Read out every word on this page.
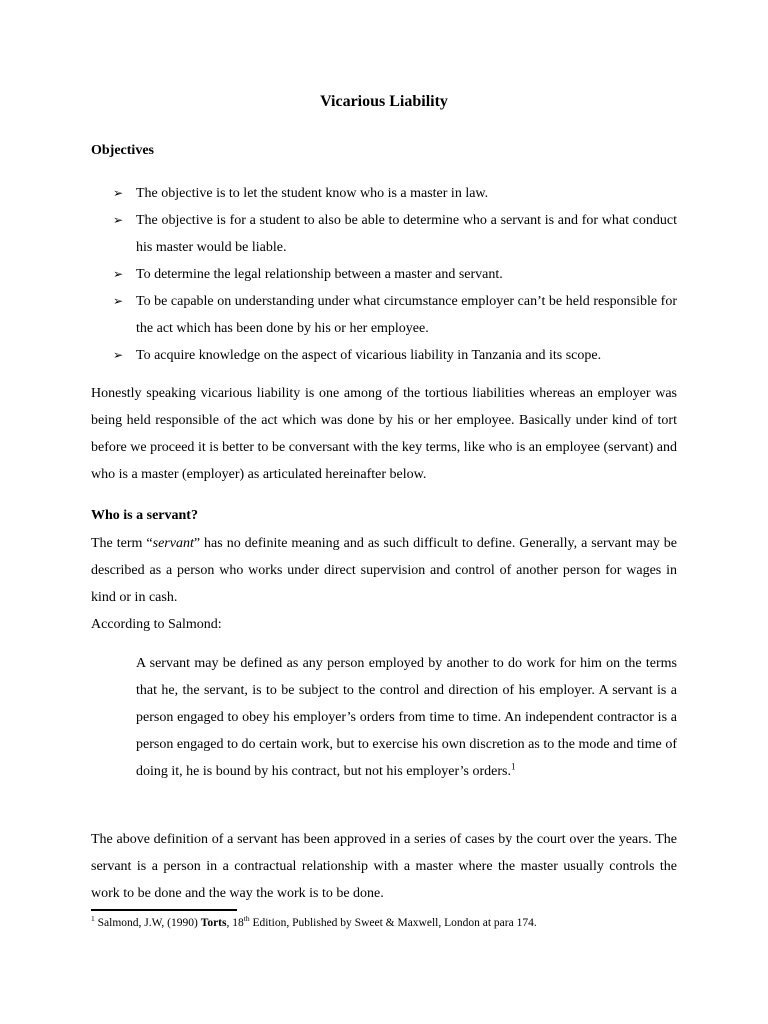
Vicarious Liability

Objectives

➢ The objective is to let the student know who is a master in law.
➢ The objective is for a student to also be able to determine who a servant is and for what conduct his master would be liable.
➢ To determine the legal relationship between a master and servant.
➢ To be capable on understanding under what circumstance employer can’t be held responsible for the act which has been done by his or her employee.
➢ To acquire knowledge on the aspect of vicarious liability in Tanzania and its scope.

Honestly speaking vicarious liability is one among of the tortious liabilities whereas an employer was being held responsible of the act which was done by his or her employee. Basically under kind of tort before we proceed it is better to be conversant with the key terms, like who is an employee (servant) and who is a master (employer) as articulated hereinafter below.

Who is a servant?

The term “servant” has no definite meaning and as such difficult to define. Generally, a servant may be described as a person who works under direct supervision and control of another person for wages in kind or in cash.

According to Salmond:

A servant may be defined as any person employed by another to do work for him on the terms that he, the servant, is to be subject to the control and direction of his employer. A servant is a person engaged to obey his employer’s orders from time to time. An independent contractor is a person engaged to do certain work, but to exercise his own discretion as to the mode and time of doing it, he is bound by his contract, but not his employer’s orders.$^1$

The above definition of a servant has been approved in a series of cases by the court over the years. The servant is a person in a contractual relationship with a master where the master usually controls the work to be done and the way the work is to be done.

$^1$ Salmond, J.W, (1990) Torts, 18th Edition, Published by Sweet & Maxwell, London at para 174.
